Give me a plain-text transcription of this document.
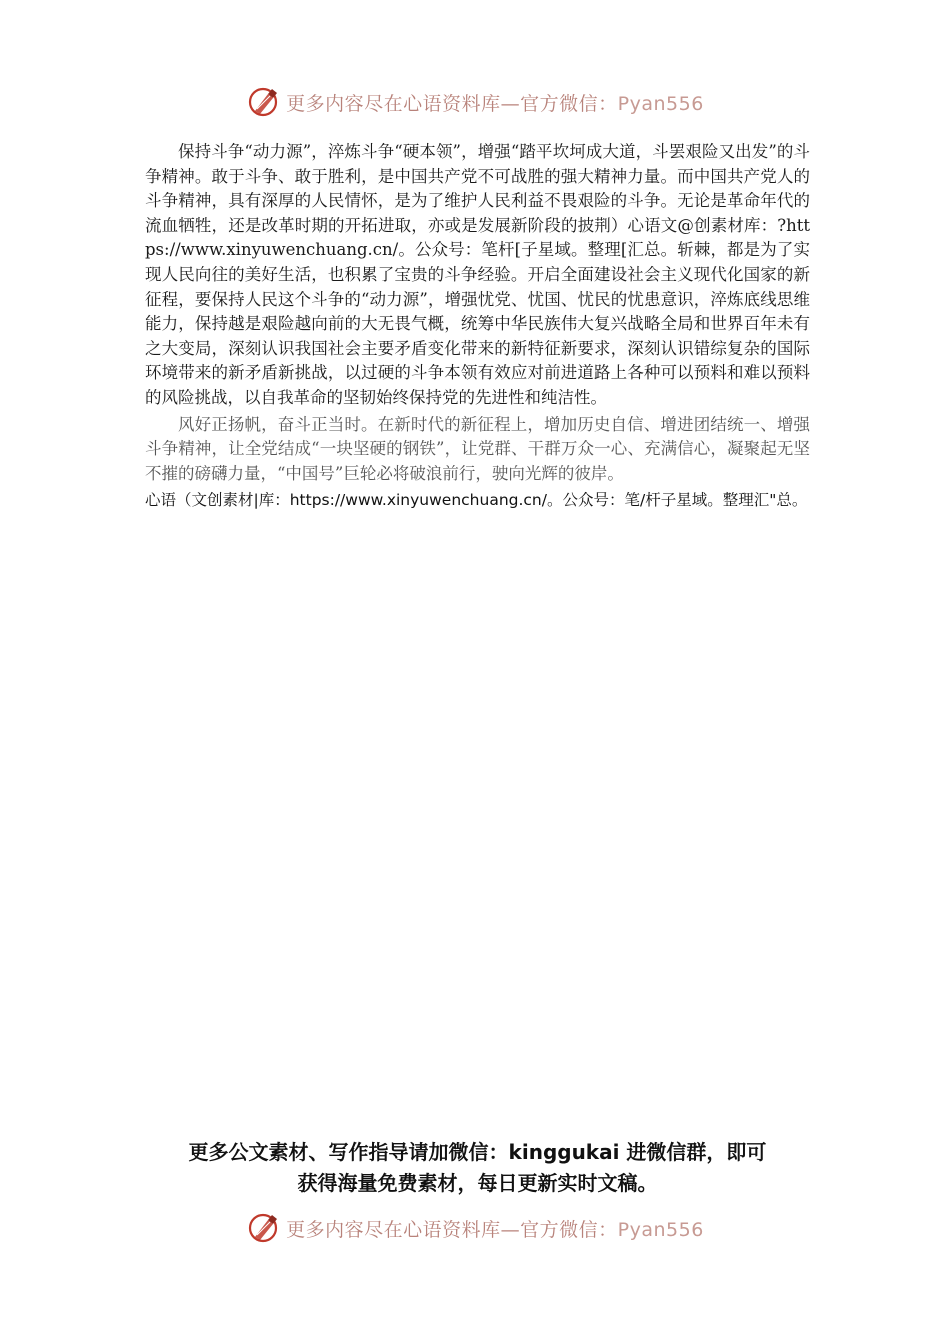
更多内容尽在心语资料库—官方微信：Pyan556

保持斗争“动力源”，淬炼斗争“硬本领”，增强“踏平坎坷成大道，斗罢艰险又出发”的斗争精神。敢于斗争、敢于胜利，是中国共产党不可战胜的强大精神力量。而中国共产党人的斗争精神，具有深厚的人民情怀，是为了维护人民利益不畏艰险的斗争。无论是革命年代的流血牺牲，还是改革时期的开拓进取，亦或是发展新阶段的披荆）心语文@创素材库：?https://www.xinyuwenchuang.cn/。公众号：笔杆[子星域。整理[汇总。斩棘，都是为了实现人民向往的美好生活，也积累了宝贵的斗争经验。开启全面建设社会主义现代化国家的新征程，要保持人民这个斗争的“动力源”，增强忧党、忧国、忧民的忧患意识，淬炼底线思维能力，保持越是艰险越向前的大无畏气概，统筹中华民族伟大复兴战略全局和世界百年未有之大变局，深刻认识我国社会主要矛盾变化带来的新特征新要求，深刻认识错综复杂的国际环境带来的新矛盾新挑战，以过硬的斗争本领有效应对前进道路上各种可以预料和难以预料的风险挑战，以自我革命的坚韧始终保持党的先进性和纯洁性。

风好正扬帆，奋斗正当时。在新时代的新征程上，增加历史自信、增进团结统一、增强斗争精神，让全党结成“一块坚硬的钢铁”，让党群、干群万众一心、充满信心，凝聚起无坚不摧的磅礴力量，“中国号”巨轮必将破浪前行，驶向光辉的彼岸。

心语（文创素材|库：https://www.xinyuwenchuang.cn/。公众号：笔/杆子星域。整理汇"总。

更多公文素材、写作指导请加微信：kinggukai 进微信群，即可
获得海量免费素材，每日更新实时文稿。
更多内容尽在心语资料库—官方微信：Pyan556
